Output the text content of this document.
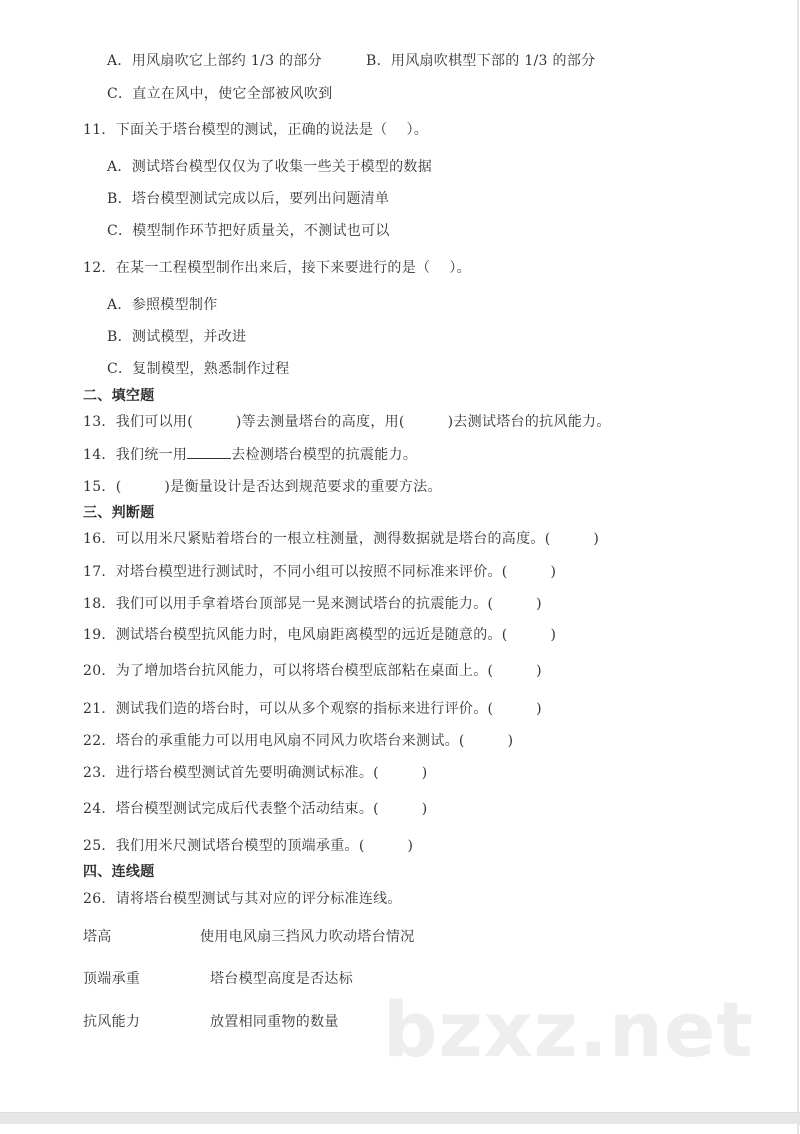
A．用风扇吹它上部约 1/3 的部分	B．用风扇吹棋型下部的 1/3 的部分
C．直立在风中，使它全部被风吹到
11．下面关于塔台模型的测试，正确的说法是（　 ）。
A．测试塔台模型仅仅为了收集一些关于模型的数据
B．塔台模型测试完成以后，要列出问题清单
C．模型制作环节把好质量关，不测试也可以
12．在某一工程模型制作出来后，接下来要进行的是（　 ）。
A．参照模型制作
B．测试模型，并改进
C．复制模型，熟悉制作过程
二、填空题
13．我们可以用(　　　)等去测量塔台的高度，用(　　　)去测试塔台的抗风能力。
14．我们统一用	去检测塔台模型的抗震能力。
15．(　　　)是衡量设计是否达到规范要求的重要方法。
三、判断题
16．可以用米尺紧贴着塔台的一根立柱测量，测得数据就是塔台的高度。(　　　)
17．对塔台模型进行测试时，不同小组可以按照不同标准来评价。(　　　)
18．我们可以用手拿着塔台顶部晃一晃来测试塔台的抗震能力。(　　　)
19．测试塔台模型抗风能力时，电风扇距离模型的远近是随意的。(　　　)
20．为了增加塔台抗风能力，可以将塔台模型底部粘在桌面上。(　　　)
21．测试我们造的塔台时，可以从多个观察的指标来进行评价。(　　　)
22．塔台的承重能力可以用电风扇不同风力吹塔台来测试。(　　　)
23．进行塔台模型测试首先要明确测试标准。(　　　)
24．塔台模型测试完成后代表整个活动结束。(　　　)
25．我们用米尺测试塔台模型的顶端承重。(　　　)
四、连线题
26．请将塔台模型测试与其对应的评分标准连线。
塔高	使用电风扇三挡风力吹动塔台情况
顶端承重	塔台模型高度是否达标
抗风能力	放置相同重物的数量 bzxz.net
